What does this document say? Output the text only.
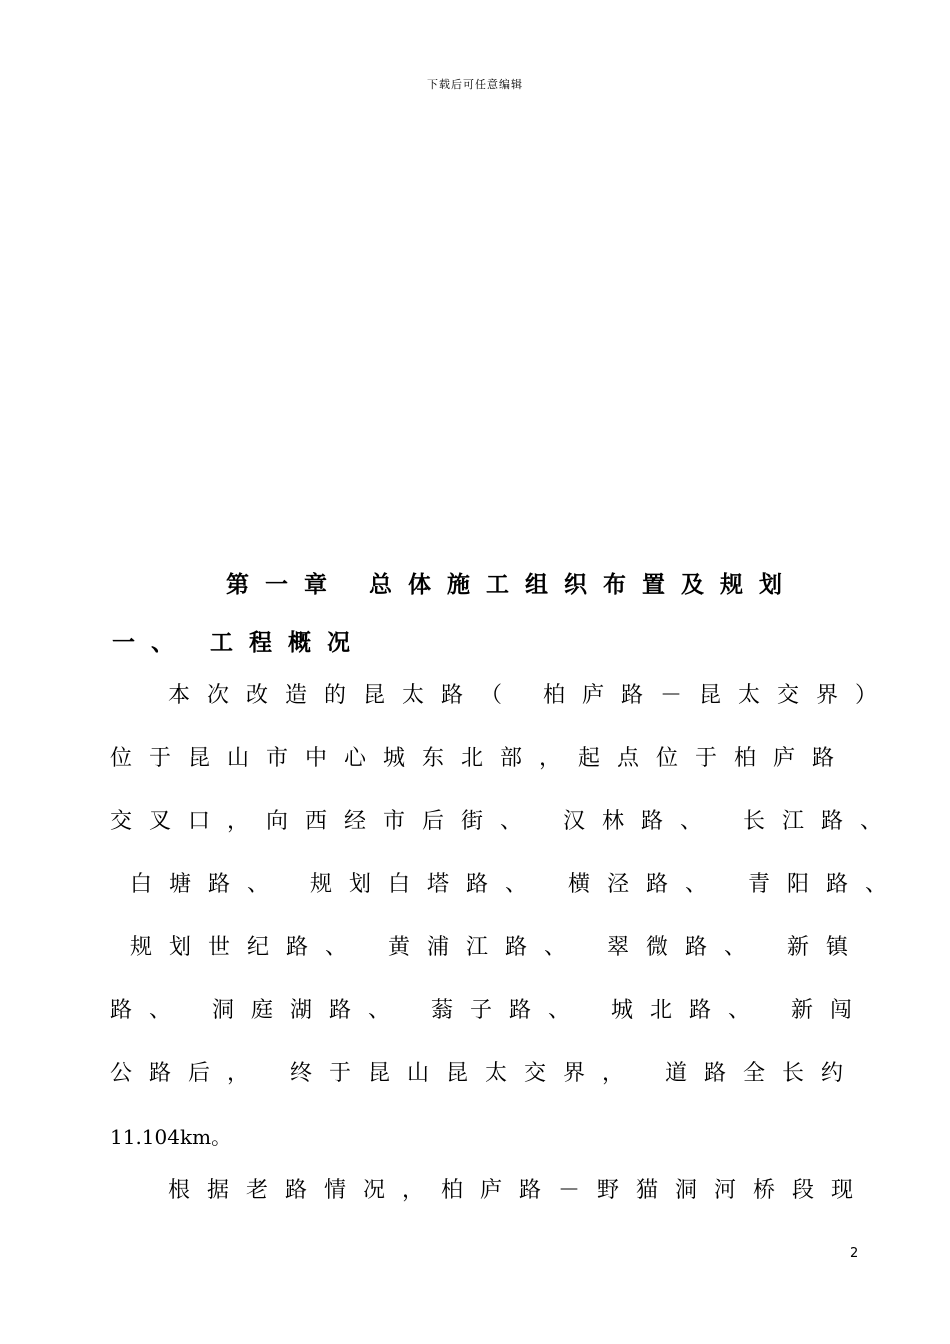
下载后可任意编辑
第一章 总体施工组织布置及规划
一、 工程概况
本次改造的昆太路（ 柏庐路－昆太交界）
位于昆山市中心城东北部，起点位于柏庐路
交叉口，向西经市后街、 汉林路、 长江路、
白塘路、 规划白塔路、 横泾路、 青阳路、
规划世纪路、 黄浦江路、 翠微路、 新镇
路、 洞庭湖路、 蓊子路、 城北路、 新闯
公路后， 终于昆山昆太交界， 道路全长约
11.104km。
根据老路情况，柏庐路－野猫洞河桥段现
2
